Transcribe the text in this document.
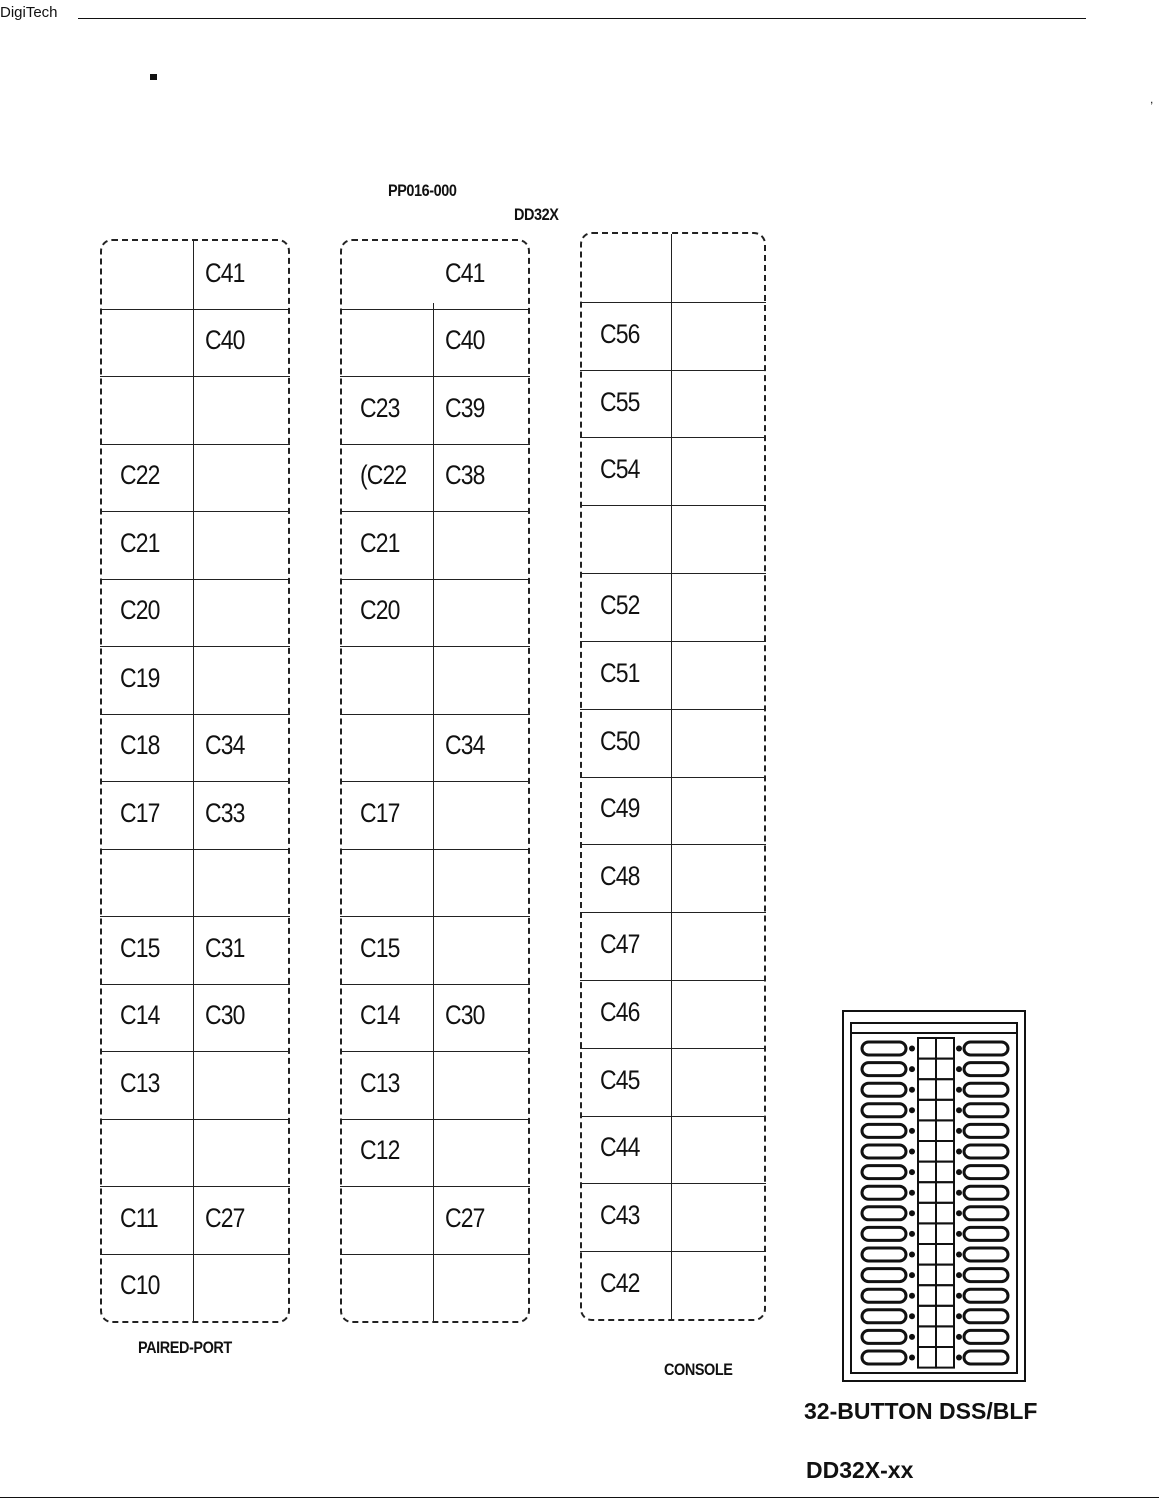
DigiTech
,
PP016-000
DD32X
C41
C40
C22
C21
C20
C19
C18 C34
C17 C33
C15 C31
C14 C30
C13
C11 C27
C10
PAIRED-PORT
C41
C40
C23 C39
(C22 C38
C21
C20
C34
C17
C15
C14 C30
C13
C12
C27
C56
C55
C54
C52
C51
C50
C49
C48
C47
C46
C45
C44
C43
C42
CONSOLE
32-BUTTON DSS/BLF
DD32X-xx
